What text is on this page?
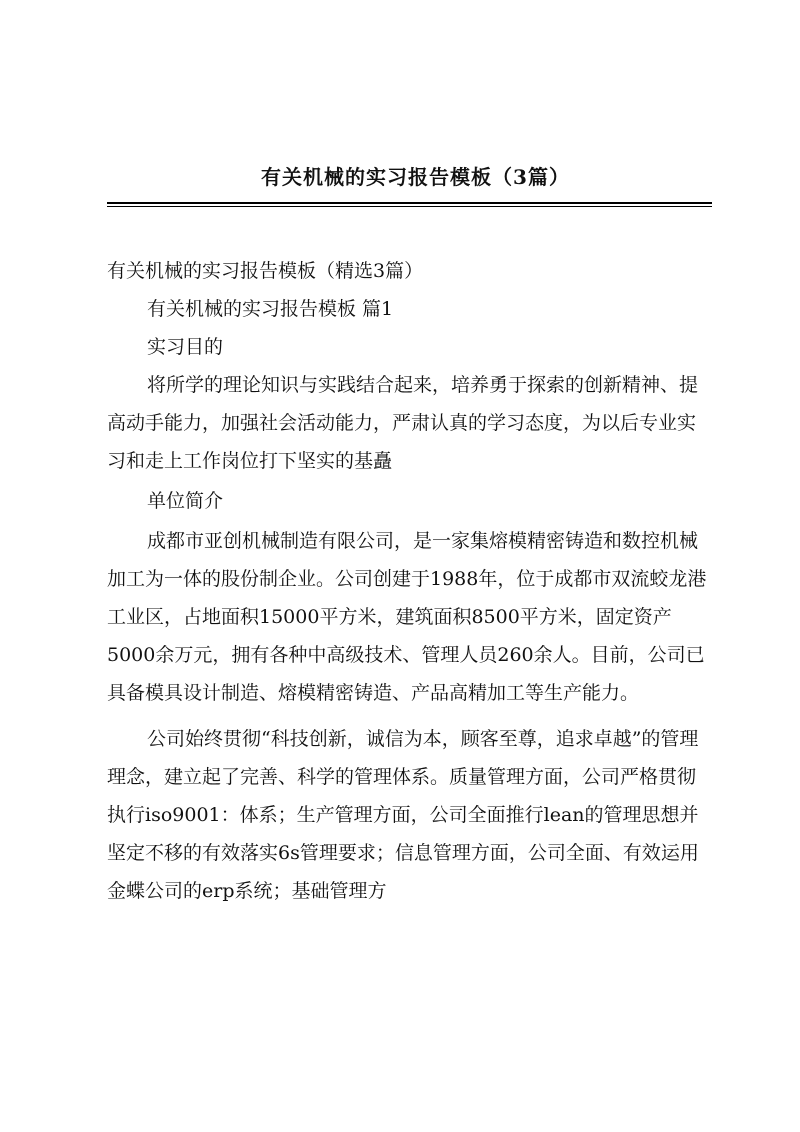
有关机械的实习报告模板（3篇）

有关机械的实习报告模板（精选3篇）

有关机械的实习报告模板 篇1

实习目的

将所学的理论知识与实践结合起来，培养勇于探索的创新精神、提高动手能力，加强社会活动能力，严肃认真的学习态度，为以后专业实习和走上工作岗位打下坚实的基矗

单位简介

成都市亚创机械制造有限公司，是一家集熔模精密铸造和数控机械加工为一体的股份制企业。公司创建于1988年，位于成都市双流蛟龙港工业区，占地面积15000平方米，建筑面积8500平方米，固定资产5000余万元，拥有各种中高级技术、管理人员260余人。目前，公司已具备模具设计制造、熔模精密铸造、产品高精加工等生产能力。

公司始终贯彻“科技创新，诚信为本，顾客至尊，追求卓越”的管理理念，建立起了完善、科学的管理体系。质量管理方面，公司严格贯彻执行iso9001：体系；生产管理方面，公司全面推行lean的管理思想并坚定不移的有效落实6s管理要求；信息管理方面，公司全面、有效运用金蝶公司的erp系统；基础管理方
